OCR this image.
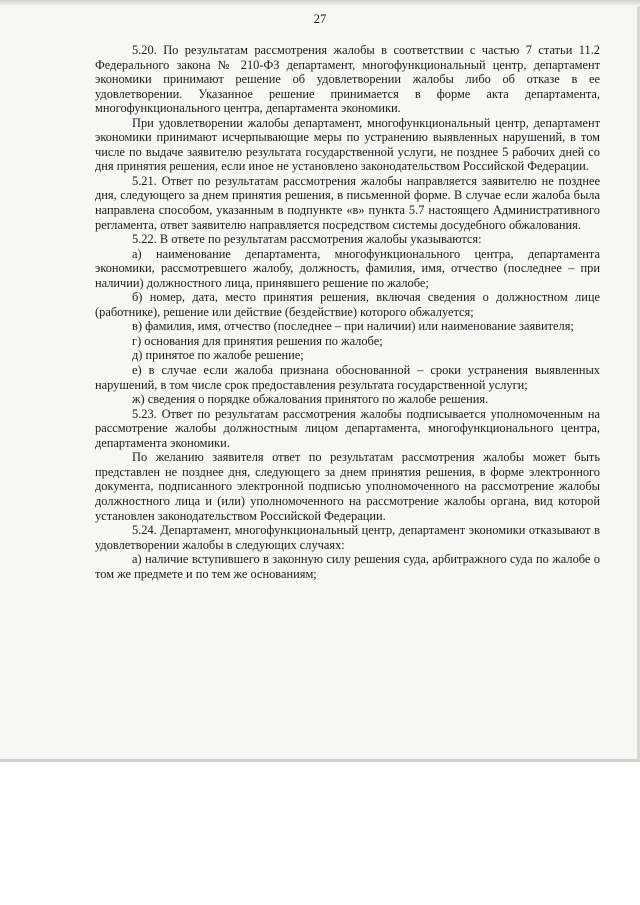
27

5.20. По результатам рассмотрения жалобы в соответствии с частью 7 статьи 11.2 Федерального закона № 210-ФЗ департамент, многофункциональный центр, департамент экономики принимают решение об удовлетворении жалобы либо об отказе в ее удовлетворении. Указанное решение принимается в форме акта департамента, многофункционального центра, департамента экономики.

При удовлетворении жалобы департамент, многофункциональный центр, департамент экономики принимают исчерпывающие меры по устранению выявленных нарушений, в том числе по выдаче заявителю результата государственной услуги, не позднее 5 рабочих дней со дня принятия решения, если иное не установлено законодательством Российской Федерации.

5.21. Ответ по результатам рассмотрения жалобы направляется заявителю не позднее дня, следующего за днем принятия решения, в письменной форме. В случае если жалоба была направлена способом, указанным в подпункте «в» пункта 5.7 настоящего Административного регламента, ответ заявителю направляется посредством системы досудебного обжалования.

5.22. В ответе по результатам рассмотрения жалобы указываются:

а) наименование департамента, многофункционального центра, департамента экономики, рассмотревшего жалобу, должность, фамилия, имя, отчество (последнее – при наличии) должностного лица, принявшего решение по жалобе;

б) номер, дата, место принятия решения, включая сведения о должностном лице (работнике), решение или действие (бездействие) которого обжалуется;

в) фамилия, имя, отчество (последнее – при наличии) или наименование заявителя;

г) основания для принятия решения по жалобе;

д) принятое по жалобе решение;

е) в случае если жалоба признана обоснованной – сроки устранения выявленных нарушений, в том числе срок предоставления результата государственной услуги;

ж) сведения о порядке обжалования принятого по жалобе решения.

5.23. Ответ по результатам рассмотрения жалобы подписывается уполномоченным на рассмотрение жалобы должностным лицом департамента, многофункционального центра, департамента экономики.

По желанию заявителя ответ по результатам рассмотрения жалобы может быть представлен не позднее дня, следующего за днем принятия решения, в форме электронного документа, подписанного электронной подписью уполномоченного на рассмотрение жалобы должностного лица и (или) уполномоченного на рассмотрение жалобы органа, вид которой установлен законодательством Российской Федерации.

5.24. Департамент, многофункциональный центр, департамент экономики отказывают в удовлетворении жалобы в следующих случаях:

а) наличие вступившего в законную силу решения суда, арбитражного суда по жалобе о том же предмете и по тем же основаниям;
